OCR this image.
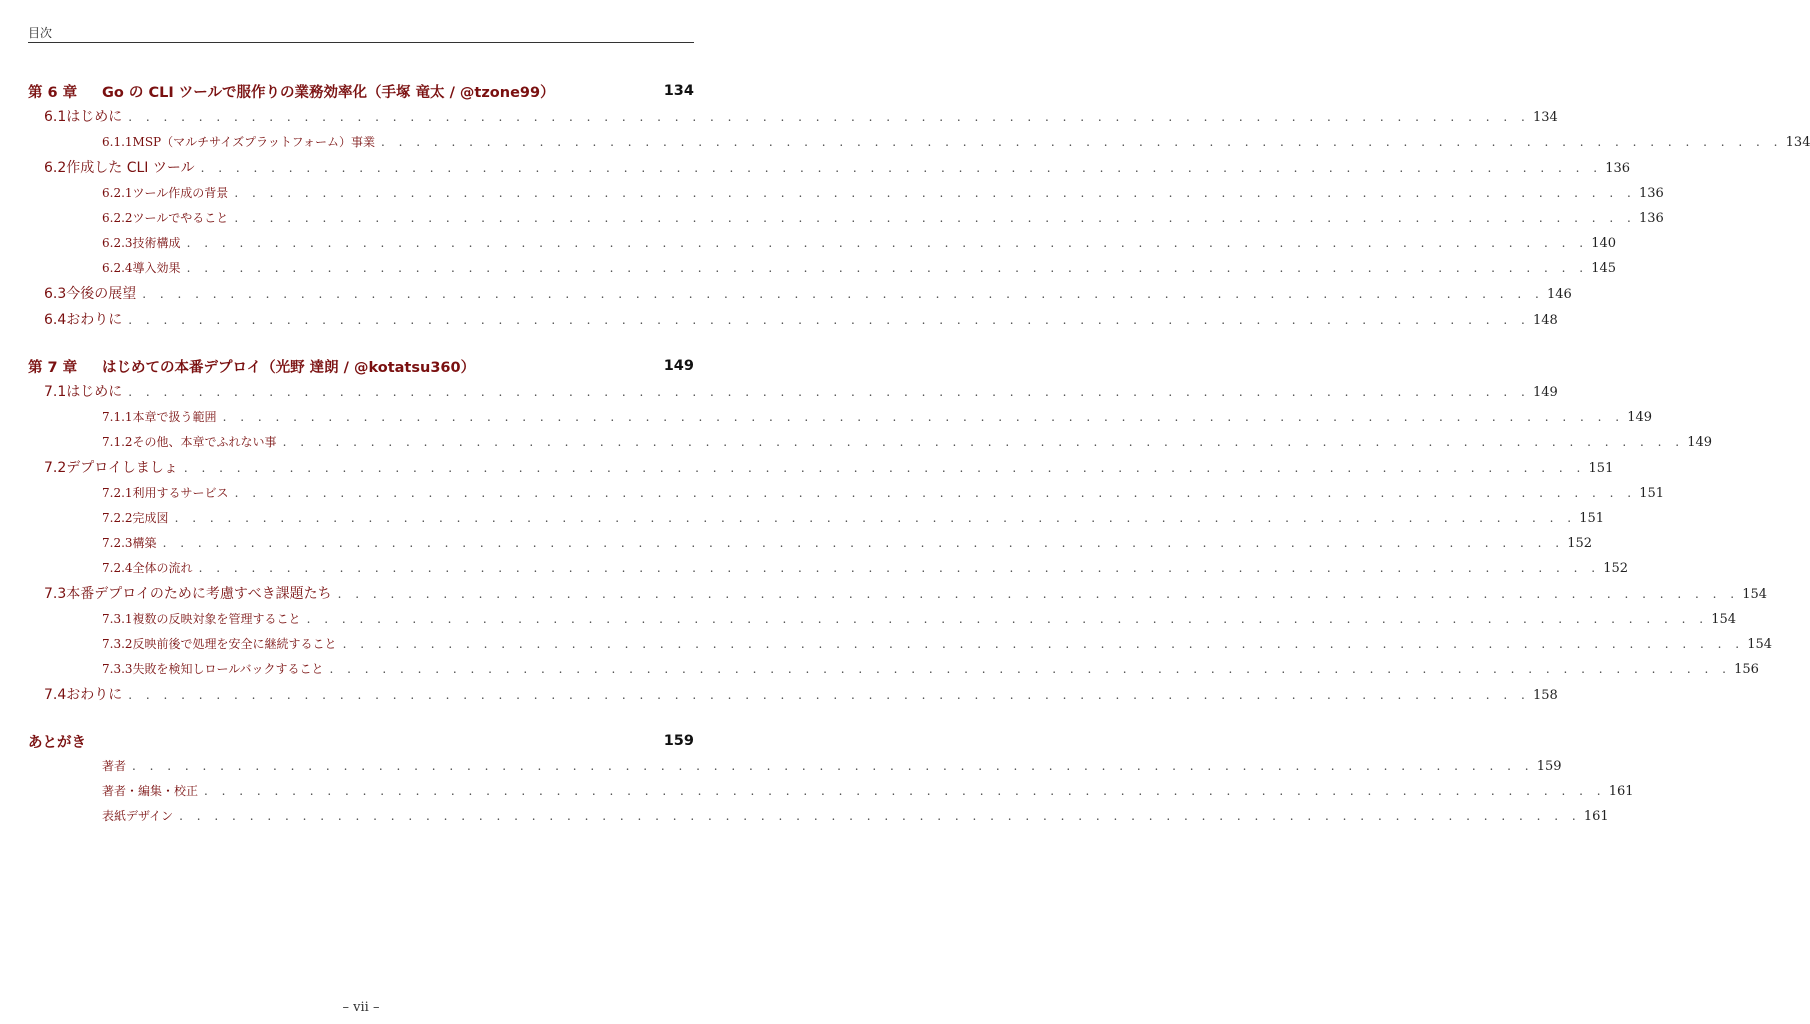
目次
第 6 章	Go の CLI ツールで服作りの業務効率化（手塚 竜太 / @tzone99）	134
6.1 はじめに . . . . . . . . . . . . . . . . . . . . . . . . . . . . . . . . . . . . . . . . . . . . . . . . . . . . . . . . . . . . . . . . . . . . . . . . . . . . . . . . 134
6.1.1 MSP（マルチサイズプラットフォーム）事業 . . . . . . . . . . . . . . . . . . . . . . . . . . . . . . . . . . . . . . . . . . . . . . . . . . . . . . . . . . . . . . . . . . . . . . . . . . . . . . . . 134
6.2 作成した CLI ツール . . . . . . . . . . . . . . . . . . . . . . . . . . . . . . . . . . . . . . . . . . . . . . . . . . . . . . . . . . . . . . . . . . . . . . . . . . . . . . . . 136
6.2.1 ツール作成の背景 . . . . . . . . . . . . . . . . . . . . . . . . . . . . . . . . . . . . . . . . . . . . . . . . . . . . . . . . . . . . . . . . . . . . . . . . . . . . . . . . 136
6.2.2 ツールでやること . . . . . . . . . . . . . . . . . . . . . . . . . . . . . . . . . . . . . . . . . . . . . . . . . . . . . . . . . . . . . . . . . . . . . . . . . . . . . . . . 136
6.2.3 技術構成 . . . . . . . . . . . . . . . . . . . . . . . . . . . . . . . . . . . . . . . . . . . . . . . . . . . . . . . . . . . . . . . . . . . . . . . . . . . . . . . . 140
6.2.4 導入効果 . . . . . . . . . . . . . . . . . . . . . . . . . . . . . . . . . . . . . . . . . . . . . . . . . . . . . . . . . . . . . . . . . . . . . . . . . . . . . . . . 145
6.3 今後の展望 . . . . . . . . . . . . . . . . . . . . . . . . . . . . . . . . . . . . . . . . . . . . . . . . . . . . . . . . . . . . . . . . . . . . . . . . . . . . . . . . 146
6.4 おわりに . . . . . . . . . . . . . . . . . . . . . . . . . . . . . . . . . . . . . . . . . . . . . . . . . . . . . . . . . . . . . . . . . . . . . . . . . . . . . . . . 148
第 7 章	はじめての本番デプロイ（光野 達朗 / @kotatsu360）	149
7.1 はじめに . . . . . . . . . . . . . . . . . . . . . . . . . . . . . . . . . . . . . . . . . . . . . . . . . . . . . . . . . . . . . . . . . . . . . . . . . . . . . . . . 149
7.1.1 本章で扱う範囲 . . . . . . . . . . . . . . . . . . . . . . . . . . . . . . . . . . . . . . . . . . . . . . . . . . . . . . . . . . . . . . . . . . . . . . . . . . . . . . . . 149
7.1.2 その他、本章でふれない事 . . . . . . . . . . . . . . . . . . . . . . . . . . . . . . . . . . . . . . . . . . . . . . . . . . . . . . . . . . . . . . . . . . . . . . . . . . . . . . . . 149
7.2 デプロイしましょ . . . . . . . . . . . . . . . . . . . . . . . . . . . . . . . . . . . . . . . . . . . . . . . . . . . . . . . . . . . . . . . . . . . . . . . . . . . . . . . . 151
7.2.1 利用するサービス . . . . . . . . . . . . . . . . . . . . . . . . . . . . . . . . . . . . . . . . . . . . . . . . . . . . . . . . . . . . . . . . . . . . . . . . . . . . . . . . 151
7.2.2 完成図 . . . . . . . . . . . . . . . . . . . . . . . . . . . . . . . . . . . . . . . . . . . . . . . . . . . . . . . . . . . . . . . . . . . . . . . . . . . . . . . . 151
7.2.3 構築 . . . . . . . . . . . . . . . . . . . . . . . . . . . . . . . . . . . . . . . . . . . . . . . . . . . . . . . . . . . . . . . . . . . . . . . . . . . . . . . . 152
7.2.4 全体の流れ . . . . . . . . . . . . . . . . . . . . . . . . . . . . . . . . . . . . . . . . . . . . . . . . . . . . . . . . . . . . . . . . . . . . . . . . . . . . . . . . 152
7.3 本番デプロイのために考慮すべき課題たち . . . . . . . . . . . . . . . . . . . . . . . . . . . . . . . . . . . . . . . . . . . . . . . . . . . . . . . . . . . . . . . . . . . . . . . . . . . . . . . . 154
7.3.1 複数の反映対象を管理すること . . . . . . . . . . . . . . . . . . . . . . . . . . . . . . . . . . . . . . . . . . . . . . . . . . . . . . . . . . . . . . . . . . . . . . . . . . . . . . . . 154
7.3.2 反映前後で処理を安全に継続すること . . . . . . . . . . . . . . . . . . . . . . . . . . . . . . . . . . . . . . . . . . . . . . . . . . . . . . . . . . . . . . . . . . . . . . . . . . . . . . . . 154
7.3.3 失敗を検知しロールバックすること . . . . . . . . . . . . . . . . . . . . . . . . . . . . . . . . . . . . . . . . . . . . . . . . . . . . . . . . . . . . . . . . . . . . . . . . . . . . . . . . 156
7.4 おわりに . . . . . . . . . . . . . . . . . . . . . . . . . . . . . . . . . . . . . . . . . . . . . . . . . . . . . . . . . . . . . . . . . . . . . . . . . . . . . . . . 158
あとがき	159
著者 . . . . . . . . . . . . . . . . . . . . . . . . . . . . . . . . . . . . . . . . . . . . . . . . . . . . . . . . . . . . . . . . . . . . . . . . . . . . . . . . 159
著者・編集・校正 . . . . . . . . . . . . . . . . . . . . . . . . . . . . . . . . . . . . . . . . . . . . . . . . . . . . . . . . . . . . . . . . . . . . . . . . . . . . . . . . 161
表紙デザイン . . . . . . . . . . . . . . . . . . . . . . . . . . . . . . . . . . . . . . . . . . . . . . . . . . . . . . . . . . . . . . . . . . . . . . . . . . . . . . . . 161
– vii –
